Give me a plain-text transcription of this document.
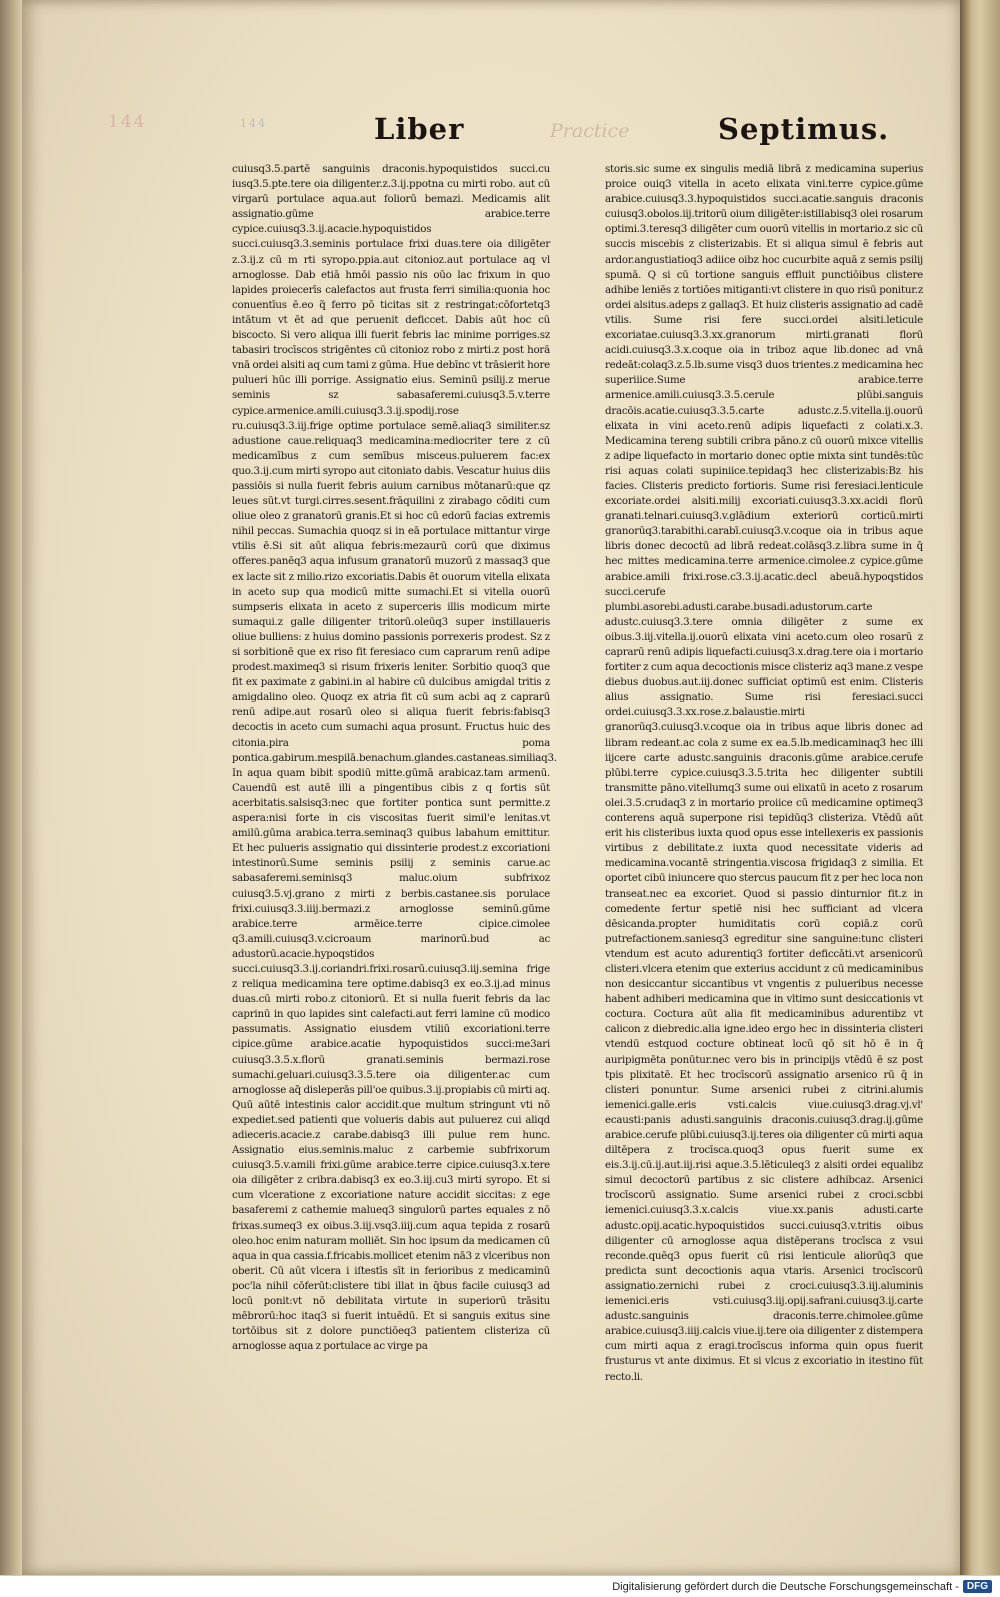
144	144	Liber	Practice	Septimus.

cuiusq3.5.partē sanguinis draconis.hypoquistidos succi.cu iusq3.5.pte.tere oia diligenter.z.3.ij.ppotna cu mirti robo. aut cū virgarū portulace aqua.aut foliorū bemazi. Medicamis alit assignatio.gūme arabice.terre cypice.cuiusq3.3.ij.acacie.hypoquistidos succi.cuiusq3.3.seminis portulace frixi duas.tere oia diligēter z.3.ij.z cū m rti syropo.ppia.aut citonioz.aut portulace aq vl arnoglosse. Dab etiā hmōi passio nis oūo lac frixum in quo lapides proiecerīs calefactos aut frusta ferri similia:quonia hoc conuentīus ē.eo q̃ ferro pō ticitas sit z restringat:cōfortetq3 intātum vt ēt ad que peruenit deficcet. Dabis aūt hoc cū biscocto. Si vero aliqua illi fuerit febris lac minime porriges.sz tabasiri trocīscos strigēntes cū citonioz robo z mirti.z post horā vnā ordei alsiti aq cum tami z gūma. Hue debīnc vt trāsierit hore pulueri hūc illi porrige. Assignatio eius. Seminū psilij.z merue seminis sz sabasaferemi.cuiusq3.5.v.terre cypice.armenice.amili.cuiusq3.3.ij.spodij.rose ru.cuiusq3.3.iij.frige optime portulace semē.aliaq3 similiter.sz adustione caue.reliquaq3 medicamina:mediocriter tere z cū medicamībus z cum semībus misceus.puluerem fac:ex quo.3.ij.cum mirti syropo aut citoniato dabis. Vescatur huius diis passiōis si nulla fuerit febris auium carnibus mōtanarū:que qz leues sūt.vt turgi.cirres.sesent.frāquilini z zirabago cōditi cum oliue oleo z granatorū granis.Et si hoc cū edorū facias extremis nihil peccas. Sumachia quoqz si in eā portulace mittantur virge vtilis ē.Si sit aūt aliqua febris:mezaurū corū que diximus offeres.panēq3 aqua infusum granatorū muzorū z massaq3 que ex lacte sit z milio.rizo excoriatis.Dabis ēt ouorum vitella elixata in aceto sup qua modicū mitte sumachi.Et si vitella ouorū sumpseris elixata in aceto z superceris illis modicum mirte sumaqui.z galle diligenter tritorū.oleūq3 super instillaueris oliue bulliens: z huius domino passionis porrexeris prodest. Sz z si sorbitionē que ex riso fit feresiaco cum caprarum renū adipe prodest.maximeq3 si risum frixeris leniter. Sorbitio quoq3 que fit ex paximate z gabini.in al habire cū dulcibus amigdal tritis z amigdalino oleo. Quoqz ex atria fit cū sum acbi aq z caprarū renū adipe.aut rosarū oleo si aliqua fuerit febris:fabisq3 decoctis in aceto cum sumachi aqua prosunt. Fructus huic des citonia.pira poma pontica.gabirum.mespilā.benachum.glandes.castaneas.similiaq3. In aqua quam bibit spodiū mitte.gūmā arabicaz.tam armenū. Cauendū est autē illi a pingentibus cibis z q fortis sūt acerbitatis.salsisq3:nec que fortiter pontica sunt permitte.z aspera:nisi forte in cis viscositas fuerit simil'e lenitas.vt amilū.gūma arabica.terra.seminaq3 quibus labahum emittitur. Et hec pulueris assignatio qui dissinterie prodest.z excoriationi intestinorū.Sume seminis psilij z seminis carue.ac sabasaferemi.seminisq3 maluc.oium subfrixoz cuiusq3.5.vj.grano z mirti z berbis.castanee.sis porulace frixi.cuiusq3.3.iiij.bermazi.z arnoglosse seminū.gūme arabice.terre armēice.terre cipice.cimolee q3.amili.cuiusq3.v.cicroaum marinorū.bud ac adustorū.acacie.hypoqstidos succi.cuiusq3.3.ij.coriandri.frixi.rosarū.cuiusq3.iij.semina frige z reliqua medicamina tere optime.dabisq3 ex eo.3.ij.ad minus duas.cū mirti robo.z citoniorū. Et si nulla fuerit febris da lac caprinū in quo lapides sint calefacti.aut ferri lamine cū modico passumatis. Assignatio eiusdem vtiliū excoriationi.terre cipice.gūme arabice.acatie hypoquistidos succi:me3ari cuiusq3.3.5.x.florū granati.seminis bermazi.rose sumachi.geluari.cuiusq3.3.5.tere oia diligenter.ac cum arnoglosse aq̃ disleperās pill'oe quibus.3.ij.propiabis cū mirti aq. Quū aūtē intestinis calor accidit.que multum stringunt vti nō expediet.sed patienti que volueris dabis aut puluerez cui aliqd adieceris.acacie.z carabe.dabisq3 illi pulue rem hunc. Assignatio eius.seminis.maluc z carbemie subfrixorum cuiusq3.5.v.amili frixi.gūme arabice.terre cipice.cuiusq3.x.tere oia diligēter z cribra.dabisq3 ex eo.3.iij.cu3 mirti syropo. Et si cum vlceratione z excoriatione nature accidit siccitas: z ege basaferemi z cathemie malueq3 singulorū partes equales z nō frixas.sumeq3 ex oibus.3.iij.vsq3.iiij.cum aqua tepida z rosarū oleo.hoc enim naturam molliēt. Sin hoc ipsum da medicamen cū aqua in qua cassia.f.fricabis.mollicet etenim nā3 z vlceribus non oberit. Cū aūt vlcera i iſtestīs sīt in ferioribus z medicaminū poc'la nihil cōferūt:clistere tibi illat in q̄bus facile cuiusq3 ad locū ponit:vt nō debilitata virtute in superiorū trāsitu mēbrorū:hoc itaq3 si fuerit intuēdū. Et si sanguis exitus sine tortōibus sit z dolore punctiōeq3 patientem clisteriza cū arnoglosse aqua z portulace ac virge pa

storis.sic sume ex singulis mediā librā z medicamina superius proice ouiq3 vitella in aceto elixata vini.terre cypice.gūme arabice.cuiusq3.3.hypoquistidos succi.acatie.sanguis draconis cuiusq3.obolos.iij.tritorū oium diligēter:istillabisq3 olei rosarum optimi.3.teresq3 diligēter cum ouorū vitellis in mortario.z sic cū succis miscebis z clisterizabis. Et si aliqua simul ē febris aut ardor.angustiatioq3 adiice oibz hoc cucurbite aquā z semis psilij spumā. Q si cū tortione sanguis effluit punctiōibus clistere adhibe leniēs z tortiōes mitiganti:vt clistere in quo risū ponitur.z ordei alsitus.adeps z gallaq3. Et huiz clisteris assignatio ad cadē vtilis. Sume risi fere succi.ordei alsiti.leticule excoriatae.cuiusq3.3.xx.granorum mirti.granati florū acidi.cuiusq3.3.x.coque oia in triboz aque lib.donec ad vnā redeāt:colaq3.z.5.lb.sume visq3 duos trientes.z medicamina hec superiiice.Sume arabice.terre armenice.amili.cuiusq3.3.5.cerule plūbi.sanguis dracōis.acatie.cuiusq3.3.5.carte adustc.z.5.vitella.ij.ouorū elixata in vini aceto.renū adipis liquefacti z colati.x.3. Medicamina tereng subtili cribra pāno.z cū ouorū mixce vitellis z adipe liquefacto in mortario donec optie mixta sint tundēs:tūc risi aquas colati supiniice.tepidaq3 hec clisterizabis:Bz his facies. Clisteris predicto fortioris. Sume risi feresiaci.lenticule excoriate.ordei alsiti.milij excoriati.cuiusq3.3.xx.acidi florū granati.telnari.cuiusq3.v.glādium exteriorū corticū.mirti granorūq3.tarabithi.carabī.cuiusq3.v.coque oia in tribus aque libris donec decoctū ad librā redeat.colāsq3.z.libra sume in q̄ hec mittes medicamina.terre armenice.cimolee.z cypice.gūme arabice.amili frixi.rose.c3.3.ij.acatic.decl abeuā.hypoqstidos succi.cerufe plumbi.asorebi.adusti.carabe.busadi.adustorum.carte adustc.cuiusq3.3.tere omnia diligēter z sume ex oibus.3.iij.vitella.ij.ouorū elixata vini aceto.cum oleo rosarū z caprarū renū adipis liquefacti.cuiusq3.x.drag.tere oia i mortario fortiter z cum aqua decoctionis misce clisteriz aq3 mane.z vespe diebus duobus.aut.iij.donec sufficiat optimū est enim. Clisteris alius assignatio. Sume risi feresiaci.succi ordei.cuiusq3.3.xx.rose.z.balaustie.mirti granorūq3.cuiusq3.v.coque oia in tribus aque libris donec ad libram redeant.ac cola z sume ex ea.5.lb.medicaminaq3 hec illi iijcere carte adustc.sanguinis draconis.gūme arabice.cerufe plūbi.terre cypice.cuiusq3.3.5.trita hec diligenter subtili transmitte pāno.vitellumq3 sume oui elixatū in aceto z rosarum olei.3.5.crudaq3 z in mortario proiice cū medicamine optimeq3 conterens aquā superpone risi tepidūq3 clisteriza. Vtēdū aūt erit his clisteribus iuxta quod opus esse intellexeris ex passionis virtibus z debilitate.z iuxta quod necessitate videris ad medicamina.vocantē stringentia.viscosa frigidaq3 z similia. Et oportet cibū iniuncere quo stercus paucum fit z per hec loca non transeat.nec ea excoriet. Quod si passio dinturnior fit.z in comedente fertur spetiē nisi hec sufficiant ad vlcera dēsicanda.propter humiditatis corū copiā.z corū putrefactionem.saniesq3 egreditur sine sanguine:tunc clisteri vtendum est acuto adurentiq3 fortiter deficcāti.vt arsenicorū clisteri.vlcera etenim que exterius accidunt z cū medicaminibus non desiccantur siccantibus vt vngentis z pulueribus necesse habent adhiberi medicamina que in vltimo sunt desiccationis vt coctura. Coctura aūt alia fit medicaminibus adurentibz vt calicon z diebredic.alia igne.ideo ergo hec in dissinteria clisteri vtendū estquod cocture obtineat locū qō sit hō ē in q̄ auripigmēta ponūtur.nec vero bis in principijs vtēdū ē sz post tpis plixitatē. Et hec trocīscorū assignatio arsenico rū q̄ in clisteri ponuntur. Sume arsenici rubei z citrini.alumis iemenici.galle.eris vsti.calcis viue.cuiusq3.drag.vj.vl' ecausti:panis adusti.sanguinis draconis.cuiusq3.drag.ij.gūme arabice.cerufe plūbi.cuiusq3.ij.teres oia diligenter cū mirti aqua diltēpera z trocīsca.quoq3 opus fuerit sume ex eis.3.ij.cū.ij.aut.iij.risi aque.3.5.lēticuleq3 z alsiti ordei equalibz simul decoctorū partibus z sic clistere adhibcaz. Arsenici trocīscorū assignatio. Sume arsenici rubei z croci.scbbi iemenici.cuiusq3.3.x.calcis viue.xx.panis adusti.carte adustc.opij.acatic.hypoquistidos succi.cuiusq3.v.tritis oibus diligenter cū arnoglosse aqua distēperans trocīsca z vsui reconde.quēq3 opus fuerit cū risi lenticule aliorūq3 que predicta sunt decoctionis aqua vtaris. Arsenici trocīscorū assignatio.zernichi rubei z croci.cuiusq3.3.iij.aluminis iemenici.eris vsti.cuiusq3.iij.opij.safrani.cuiusq3.ij.carte adustc.sanguinis draconis.terre.chimolee.gūme arabice.cuiusq3.iiij.calcis viue.ij.tere oia diligenter z distempera cum mirti aqua z eragi.trocīscus informa quin opus fuerit frusturus vt ante diximus. Et si vlcus z excoriatio in itestino fūt recto.li.

Digitalisierung gefördert durch die Deutsche Forschungsgemeinschaft - DFG
